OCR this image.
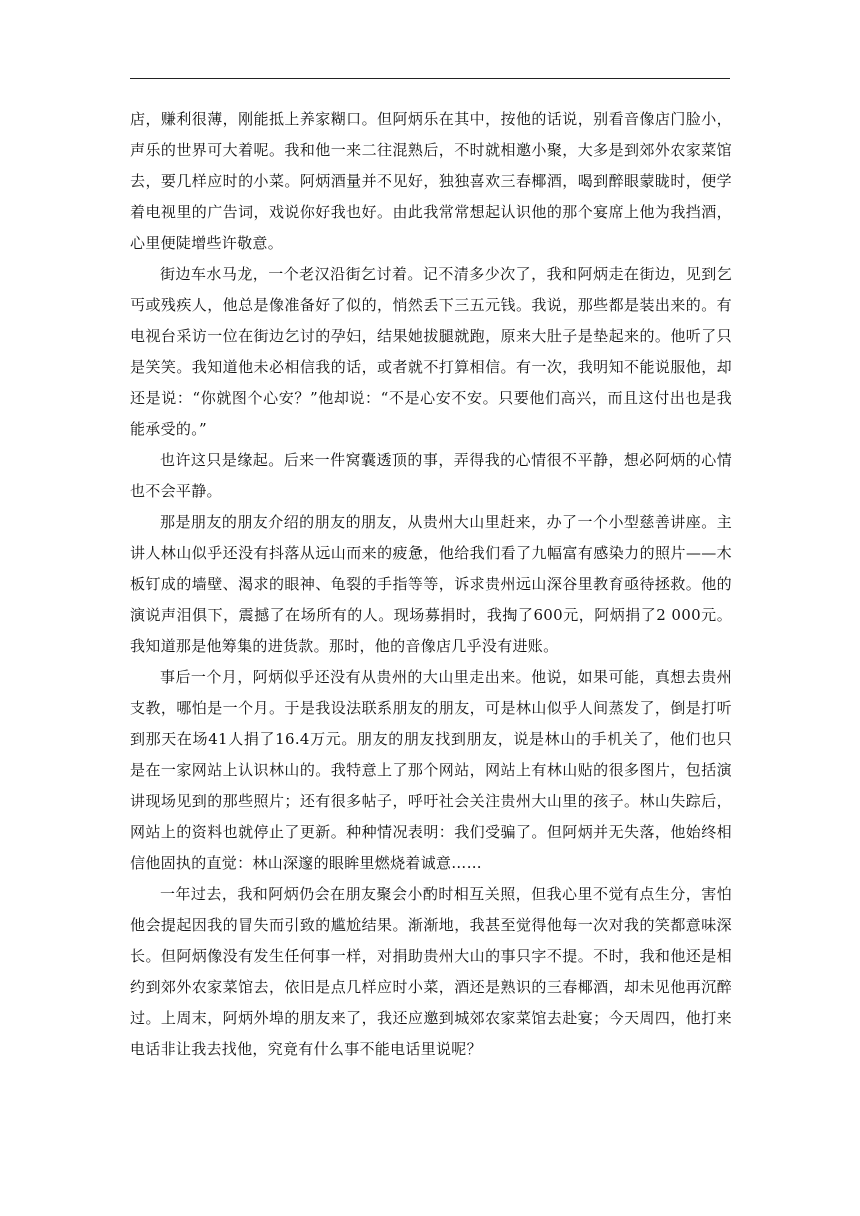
店，赚利很薄，刚能抵上养家糊口。但阿炳乐在其中，按他的话说，别看音像店门脸小，声乐的世界可大着呢。我和他一来二往混熟后，不时就相邀小聚，大多是到郊外农家菜馆去，要几样应时的小菜。阿炳酒量并不见好，独独喜欢三春椰酒，喝到醉眼蒙眬时，便学着电视里的广告词，戏说你好我也好。由此我常常想起认识他的那个宴席上他为我挡酒，心里便陡增些许敬意。

街边车水马龙，一个老汉沿街乞讨着。记不清多少次了，我和阿炳走在街边，见到乞丐或残疾人，他总是像准备好了似的，悄然丢下三五元钱。我说，那些都是装出来的。有电视台采访一位在街边乞讨的孕妇，结果她拔腿就跑，原来大肚子是垫起来的。他听了只是笑笑。我知道他未必相信我的话，或者就不打算相信。有一次，我明知不能说服他，却还是说：“你就图个心安？”他却说：“不是心安不安。只要他们高兴，而且这付出也是我能承受的。”

也许这只是缘起。后来一件窝囊透顶的事，弄得我的心情很不平静，想必阿炳的心情也不会平静。

那是朋友的朋友介绍的朋友的朋友，从贵州大山里赶来，办了一个小型慈善讲座。主讲人林山似乎还没有抖落从远山而来的疲惫，他给我们看了九幅富有感染力的照片——木板钉成的墙壁、渴求的眼神、龟裂的手指等等，诉求贵州远山深谷里教育亟待拯救。他的演说声泪俱下，震撼了在场所有的人。现场募捐时，我掏了600元，阿炳捐了2 000元。我知道那是他筹集的进货款。那时，他的音像店几乎没有进账。

事后一个月，阿炳似乎还没有从贵州的大山里走出来。他说，如果可能，真想去贵州支教，哪怕是一个月。于是我设法联系朋友的朋友，可是林山似乎人间蒸发了，倒是打听到那天在场41人捐了16.4万元。朋友的朋友找到朋友，说是林山的手机关了，他们也只是在一家网站上认识林山的。我特意上了那个网站，网站上有林山贴的很多图片，包括演讲现场见到的那些照片；还有很多帖子，呼吁社会关注贵州大山里的孩子。林山失踪后，网站上的资料也就停止了更新。种种情况表明：我们受骗了。但阿炳并无失落，他始终相信他固执的直觉：林山深邃的眼眸里燃烧着诚意……

一年过去，我和阿炳仍会在朋友聚会小酌时相互关照，但我心里不觉有点生分，害怕他会提起因我的冒失而引致的尴尬结果。渐渐地，我甚至觉得他每一次对我的笑都意味深长。但阿炳像没有发生任何事一样，对捐助贵州大山的事只字不提。不时，我和他还是相约到郊外农家菜馆去，依旧是点几样应时小菜，酒还是熟识的三春椰酒，却未见他再沉醉过。上周末，阿炳外埠的朋友来了，我还应邀到城郊农家菜馆去赴宴；今天周四，他打来电话非让我去找他，究竟有什么事不能电话里说呢？
